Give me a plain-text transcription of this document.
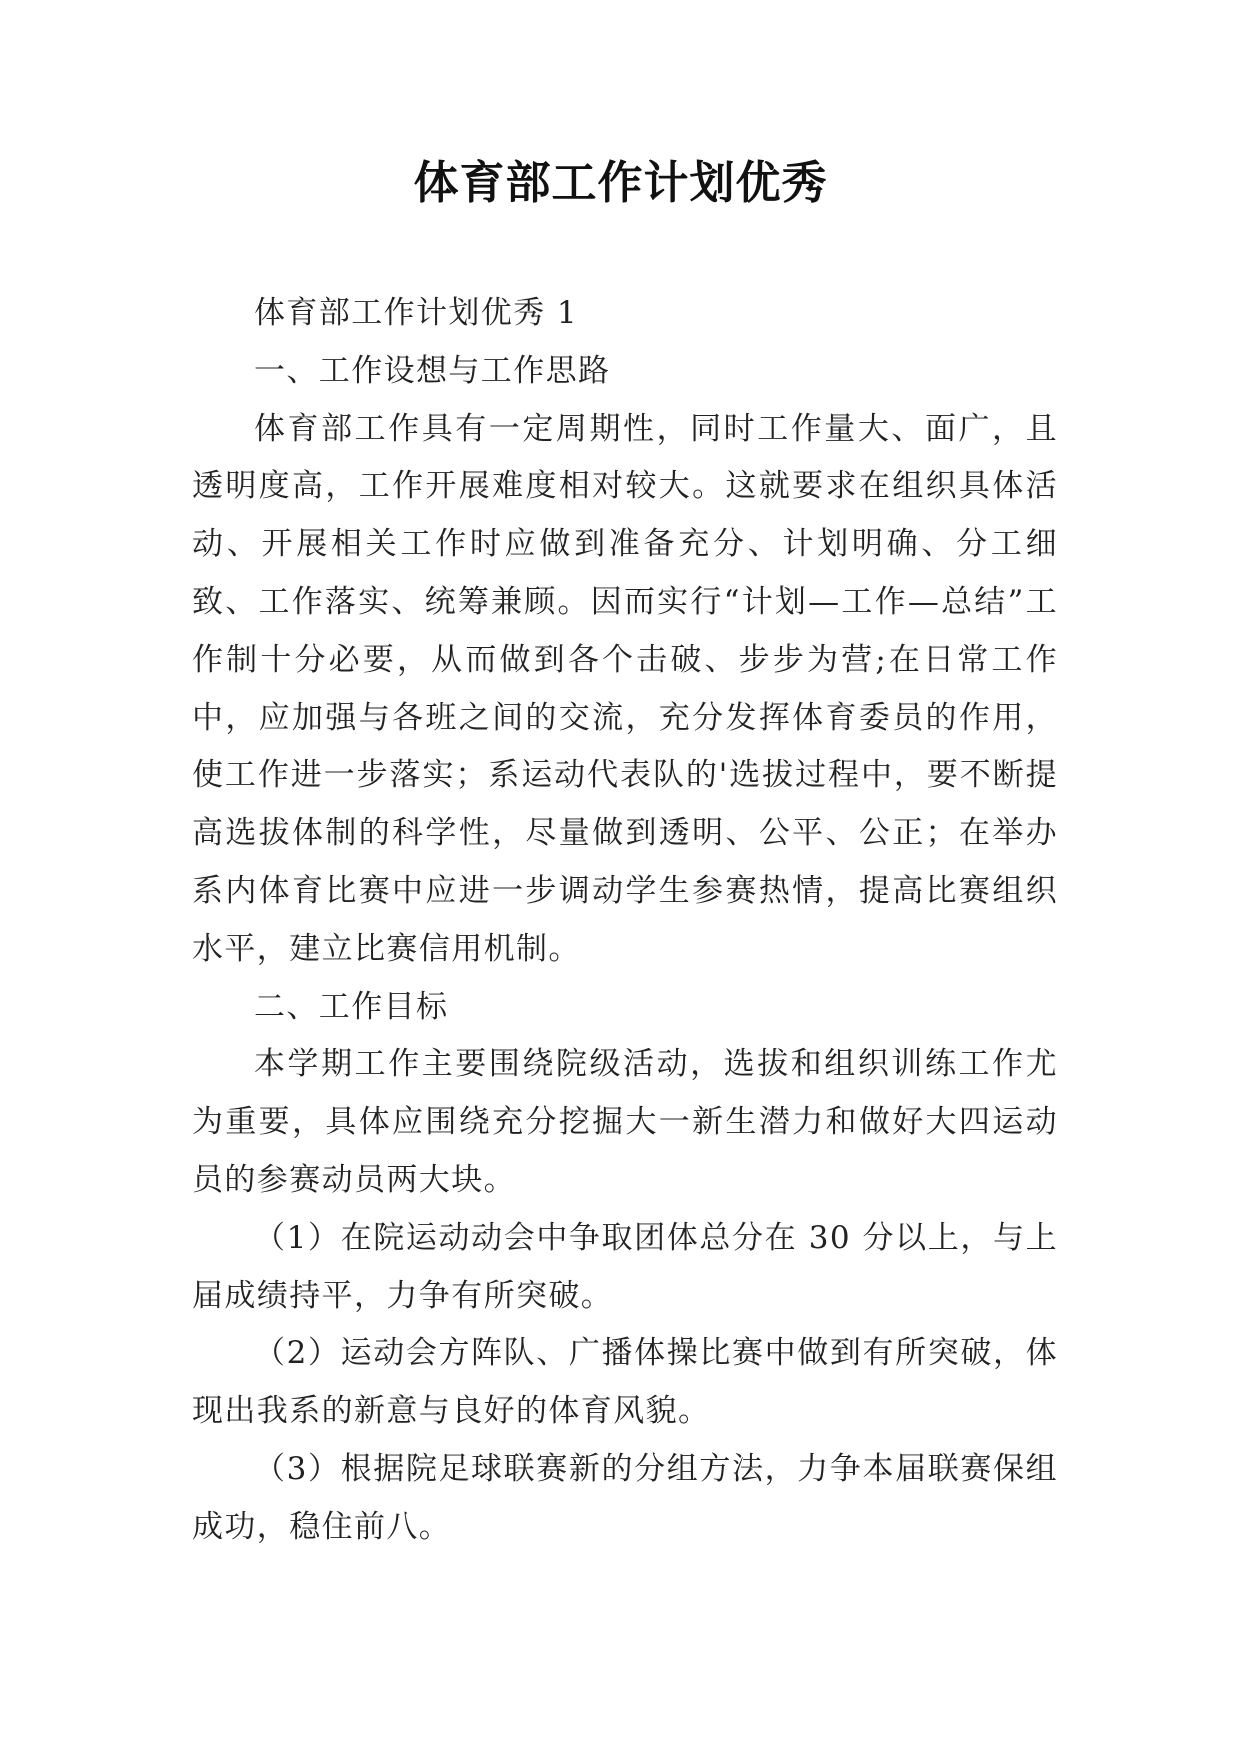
体育部工作计划优秀

体育部工作计划优秀 1

一、工作设想与工作思路

体育部工作具有一定周期性，同时工作量大、面广，且透明度高，工作开展难度相对较大。这就要求在组织具体活动、开展相关工作时应做到准备充分、计划明确、分工细致、工作落实、统筹兼顾。因而实行“计划—工作—总结”工作制十分必要，从而做到各个击破、步步为营;在日常工作中，应加强与各班之间的交流，充分发挥体育委员的作用，使工作进一步落实；系运动代表队的'选拔过程中，要不断提高选拔体制的科学性，尽量做到透明、公平、公正；在举办系内体育比赛中应进一步调动学生参赛热情，提高比赛组织水平，建立比赛信用机制。

二、工作目标

本学期工作主要围绕院级活动，选拔和组织训练工作尤为重要，具体应围绕充分挖掘大一新生潜力和做好大四运动员的参赛动员两大块。

（1）在院运动动会中争取团体总分在 30 分以上，与上届成绩持平，力争有所突破。

（2）运动会方阵队、广播体操比赛中做到有所突破，体现出我系的新意与良好的体育风貌。

（3）根据院足球联赛新的分组方法，力争本届联赛保组成功，稳住前八。
